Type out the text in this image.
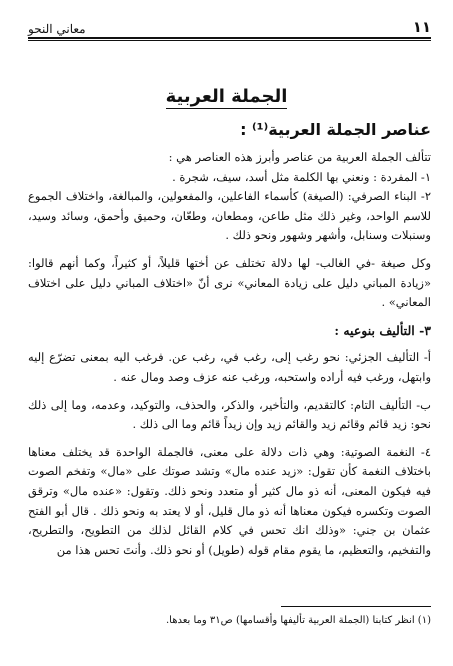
١١
معاني النحو
الجملة العربية
عناصر الجملة العربية⁽¹⁾ :

تتألف الجملة العربية من عناصر وأبرز هذه العناصر هي :

١- المفردة : ونعني بها الكلمة مثل أسد، سيف، شجرة .

٢- البناء الصرفي: (الصيغة) كأسماء الفاعلين، والمفعولين، والمبالغة، واختلاف الجموع للاسم الواحد، وغير ذلك مثل طاعن، ومطعان، وطعّان، وحميق وأحمق، وسائد وسيد، وسنبلات وسنابل، وأشهر وشهور ونحو ذلك .

وكل صيغة -في الغالب- لها دلالة تختلف عن أختها قليلاً، أو كثيراً، وكما أنهم قالوا: «زيادة المباني دليل على زيادة المعاني» نرى أنّ «اختلاف المباني دليل على اختلاف المعاني» .

٣- التأليف بنوعيه :

أ- التأليف الجزئي: نحو رغب إلى، رغب في، رغب عن. فرغب اليه بمعنى تضرّع إليه وابتهل، ورغب فيه أراده واستحبه، ورغب عنه عزف وصد ومال عنه .

ب- التأليف التام: كالتقديم، والتأخير، والذكر، والحذف، والتوكيد، وعدمه، وما إلى ذلك نحو: زيد قائم وقائم زيد والقائم زيد وإن زيداً قائم وما الى ذلك .

٤- النغمة الصوتية: وهي ذات دلالة على معنى، فالجملة الواحدة قد يختلف معناها باختلاف النغمة كأن تقول: «زيد عنده مال» وتشد صوتك على «مال» وتفخم الصوت فيه فيكون المعنى، أنه ذو مال كثير أو متعدد ونحو ذلك. وتقول: «عنده مال» وترقق الصوت وتكسره فيكون معناها أنه ذو مال قليل، أو لا يعتد به ونحو ذلك . قال أبو الفتح عثمان بن جني: «وذلك انك تحس في كلام القائل لذلك من التطويح، والتطريح، والتفخيم، والتعظيم، ما يقوم مقام قوله (طويل) أو نحو ذلك. وأنتَ تحس هذا من

(١) انظر كتابنا (الجملة العربية تأليفها وأقسامها) ص٣١ وما بعدها.
